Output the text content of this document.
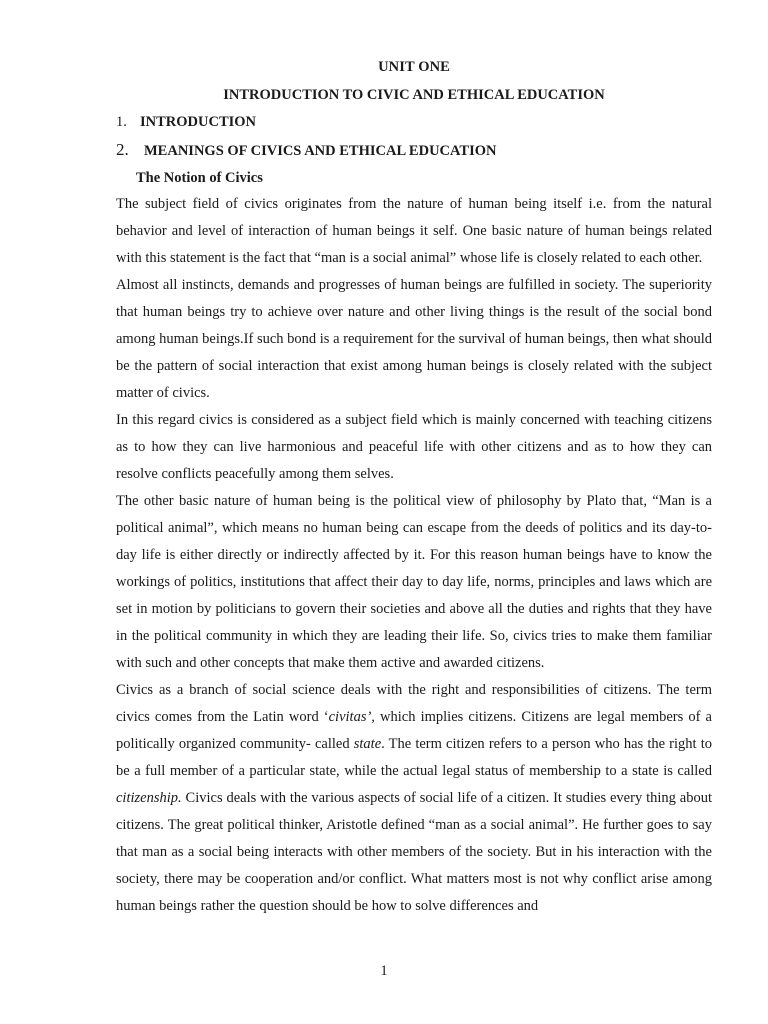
UNIT ONE
INTRODUCTION TO CIVIC AND ETHICAL EDUCATION
1. INTRODUCTION
2.	MEANINGS OF CIVICS AND ETHICAL EDUCATION
The Notion of Civics

The subject field of civics originates from the nature of human being itself i.e. from the natural behavior and level of interaction of human beings it self. One basic nature of human beings related with this statement is the fact that “man is a social animal” whose life is closely related to each other.

Almost all instincts, demands and progresses of human beings are fulfilled in society. The superiority that human beings try to achieve over nature and other living things is the result of the social bond among human beings.If such bond is a requirement for the survival of human beings, then what should be the pattern of social interaction that exist among human beings is closely related with the subject matter of civics.

In this regard civics is considered as a subject field which is mainly concerned with teaching citizens as to how they can live harmonious and peaceful life with other citizens and as to how they can resolve conflicts peacefully among them selves.

The other basic nature of human being is the political view of philosophy by Plato that, “Man is a political animal”, which means no human being can escape from the deeds of politics and its day-to-day life is either directly or indirectly affected by it. For this reason human beings have to know the workings of politics, institutions that affect their day to day life, norms, principles and laws which are set in motion by politicians to govern their societies and above all the duties and rights that they have in the political community in which they are leading their life. So, civics tries to make them familiar with such and other concepts that make them active and awarded citizens.

Civics as a branch of social science deals with the right and responsibilities of citizens. The term civics comes from the Latin word ‘civitas’, which implies citizens. Citizens are legal members of a politically organized community- called state. The term citizen refers to a person who has the right to be a full member of a particular state, while the actual legal status of membership to a state is called citizenship. Civics deals with the various aspects of social life of a citizen. It studies every thing about citizens. The great political thinker, Aristotle defined “man as a social animal”. He further goes to say that man as a social being interacts with other members of the society. But in his interaction with the society, there may be cooperation and/or conflict. What matters most is not why conflict arise among human beings rather the question should be how to solve differences and

1
